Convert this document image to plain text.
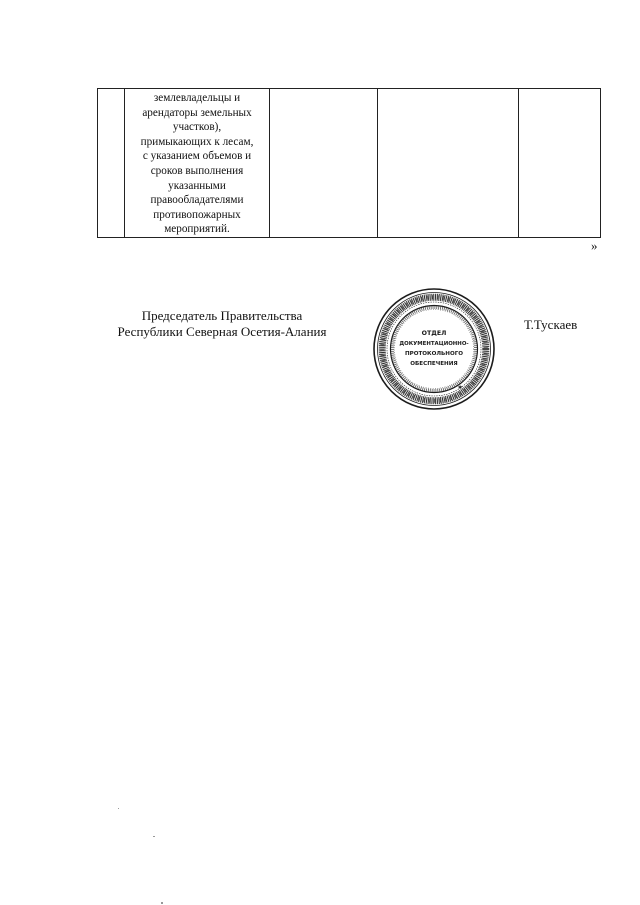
землевладельцы и
арендаторы земельных
участков),
примыкающих к лесам,
с указанием объемов и
сроков выполнения
указанными
правообладателями
противопожарных
мероприятий.

»
Председатель Правительства
Республики Северная Осетия-Алания	Т.Тускаев
✱
ОТДЕЛ
ДОКУМЕНТАЦИОННО-
ПРОТОКОЛЬНОГО
ОБЕСПЕЧЕНИЯ
